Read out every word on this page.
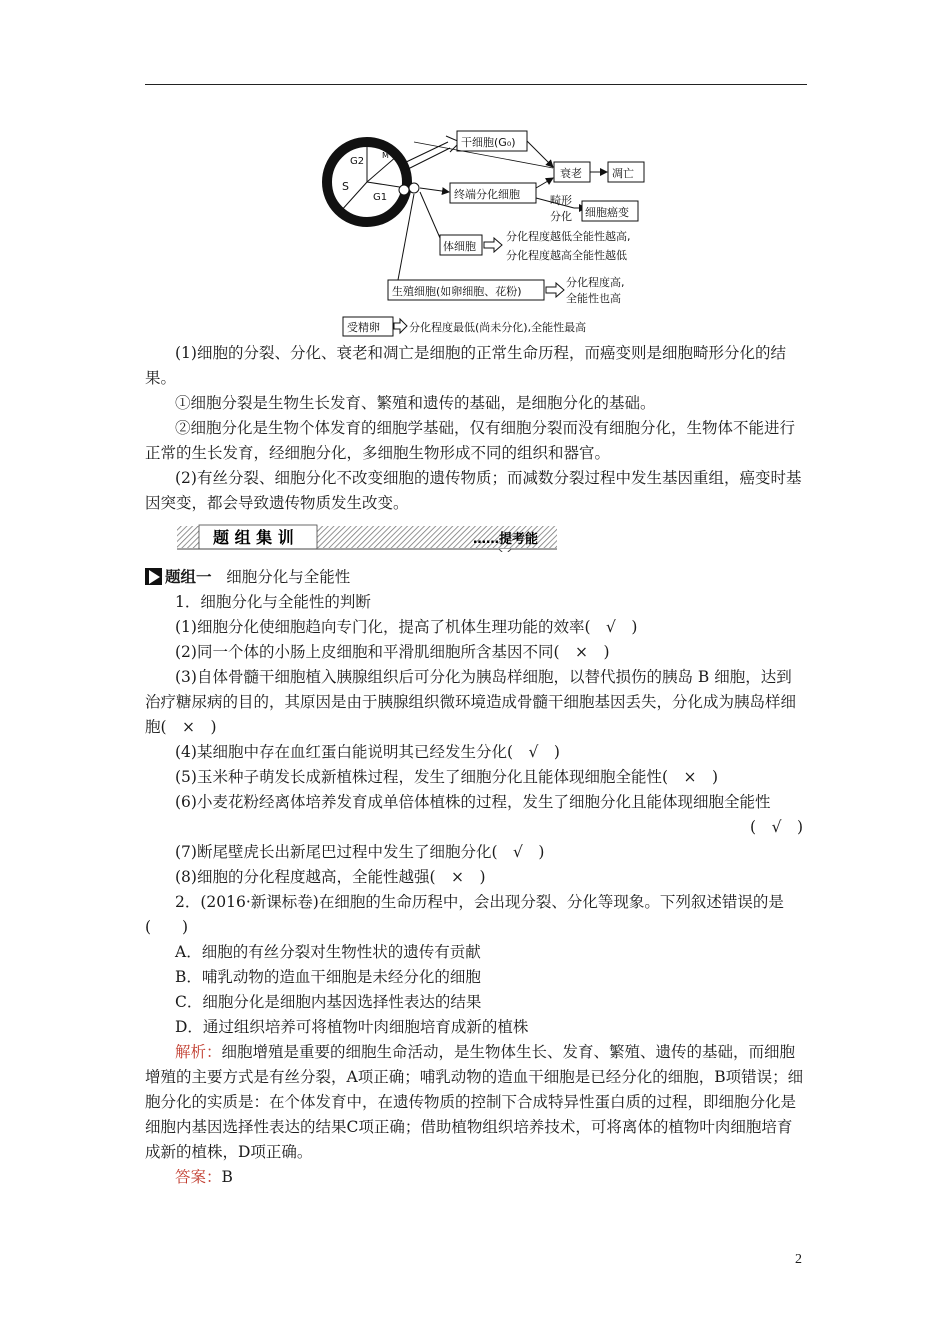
G2
M
S
G1
干细胞(G₀)
衰老	凋亡
终端分化细胞	畸形
分化 细胞癌变
体细胞
分化程度越低全能性越高,
分化程度越高全能性越低
生殖细胞(如卵细胞、花粉)
分化程度高,
全能性也高
受精卵	分化程度最低(尚未分化),全能性最高

(1)细胞的分裂、分化、衰老和凋亡是细胞的正常生命历程，而癌变则是细胞畸形分化的结果。

①细胞分裂是生物生长发育、繁殖和遗传的基础，是细胞分化的基础。

②细胞分化是生物个体发育的细胞学基础，仅有细胞分裂而没有细胞分化，生物体不能进行正常的生长发育，经细胞分化，多细胞生物形成不同的组织和器官。

(2)有丝分裂、细胞分化不改变细胞的遗传物质；而减数分裂过程中发生基因重组，癌变时基因突变，都会导致遗传物质发生改变。

题 组 集 训	……提考能

题组一 细胞分化与全能性

1．细胞分化与全能性的判断

(1)细胞分化使细胞趋向专门化，提高了机体生理功能的效率(　√　)

(2)同一个体的小肠上皮细胞和平滑肌细胞所含基因不同(　×　)

(3)自体骨髓干细胞植入胰腺组织后可分化为胰岛样细胞，以替代损伤的胰岛 B 细胞，达到治疗糖尿病的目的，其原因是由于胰腺组织微环境造成骨髓干细胞基因丢失，分化成为胰岛样细胞(　×　)

(4)某细胞中存在血红蛋白能说明其已经发生分化(　√　)

(5)玉米种子萌发长成新植株过程，发生了细胞分化且能体现细胞全能性(　×　)

(6)小麦花粉经离体培养发育成单倍体植株的过程，发生了细胞分化且能体现细胞全能性

(　√　)

(7)断尾壁虎长出新尾巴过程中发生了细胞分化(　√　)

(8)细胞的分化程度越高，全能性越强(　×　)

2．(2016·新课标卷)在细胞的生命历程中，会出现分裂、分化等现象。下列叙述错误的是(　　)

A．细胞的有丝分裂对生物性状的遗传有贡献

B．哺乳动物的造血干细胞是未经分化的细胞

C．细胞分化是细胞内基因选择性表达的结果

D．通过组织培养可将植物叶肉细胞培育成新的植株

解析：细胞增殖是重要的细胞生命活动，是生物体生长、发育、繁殖、遗传的基础，而细胞增殖的主要方式是有丝分裂，A项正确；哺乳动物的造血干细胞是已经分化的细胞，B项错误；细胞分化的实质是：在个体发育中，在遗传物质的控制下合成特异性蛋白质的过程，即细胞分化是细胞内基因选择性表达的结果C项正确；借助植物组织培养技术，可将离体的植物叶肉细胞培育成新的植株，D项正确。

答案：B

2
